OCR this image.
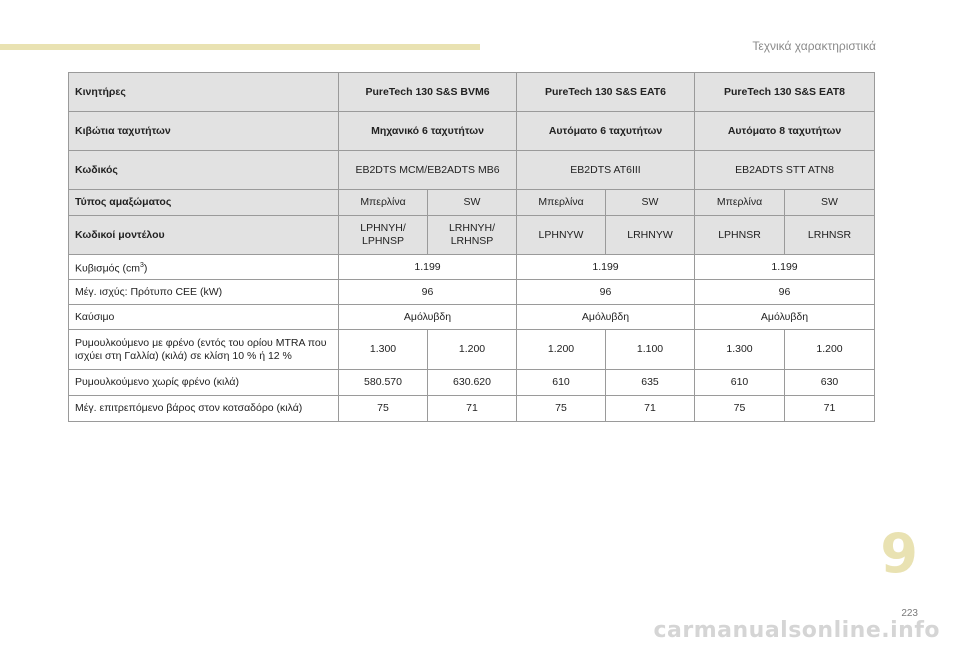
Τεχνικά χαρακτηριστικά
Κινητήρες	PureTech 130 S&S BVM6		PureTech 130 S&S EAT6		PureTech 130 S&S EAT8	
Κιβώτια ταχυτήτων	Μηχανικό 6 ταχυτήτων		Αυτόματο 6 ταχυτήτων		Αυτόματο 8 ταχυτήτων	
Κωδικός	EB2DTS MCM/EB2ADTS MB6		EB2DTS AT6III		EB2ADTS STT ATN8	
Τύπος αμαξώματος	Μπερλίνα	SW	Μπερλίνα	SW	Μπερλίνα	SW
Κωδικοί μοντέλου	LPHNYH/ LPHNSP	LRHNYH/ LRHNSP	LPHNYW	LRHNYW	LPHNSR	LRHNSR
Κυβισμός $(cm^3)$	1.199		1.199		1.199	
Μέγ. ισχύς: Πρότυπο CEE (kW)	96		96		96	
Καύσιμο	Αμόλυβδη		Αμόλυβδη		Αμόλυβδη	
Ρυμουλκούμενο με φρένο (εντός του ορίου MTRA που ισχύει στη Γαλλία) (κιλά) σε κλίση 10 % ή 12 %	1.300	1.200	1.200	1.100	1.300	1.200
Ρυμουλκούμενο χωρίς φρένο (κιλά)	580.570	630.620	610	635	610	630
Μέγ. επιτρεπόμενο βάρος στον κοτσαδόρο (κιλά)	75	71	75	71	75	71
9
223
carmanualsonline.info
